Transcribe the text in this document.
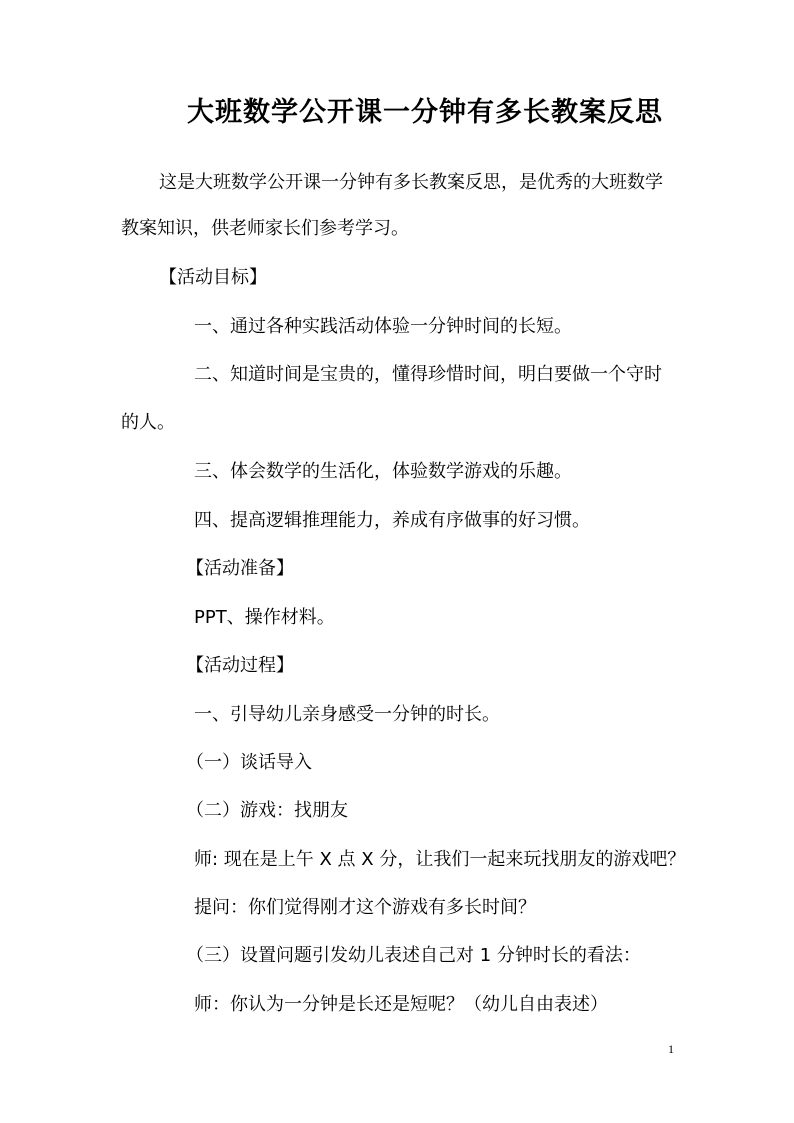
大班数学公开课一分钟有多长教案反思
这是大班数学公开课一分钟有多长教案反思，是优秀的大班数学
教案知识，供老师家长们参考学习。
【活动目标】
一、通过各种实践活动体验一分钟时间的长短。
二、知道时间是宝贵的，懂得珍惜时间，明白要做一个守时
的人。
三、体会数学的生活化，体验数学游戏的乐趣。
四、提高逻辑推理能力，养成有序做事的好习惯。
【活动准备】
PPT、操作材料。
【活动过程】
一、引导幼儿亲身感受一分钟的时长。
（一）谈话导入
（二）游戏：找朋友
师: 现在是上午 X 点 X 分，让我们一起来玩找朋友的游戏吧？
提问：你们觉得刚才这个游戏有多长时间？
（三）设置问题引发幼儿表述自己对 1 分钟时长的看法：
师：你认为一分钟是长还是短呢？（幼儿自由表述）
1
